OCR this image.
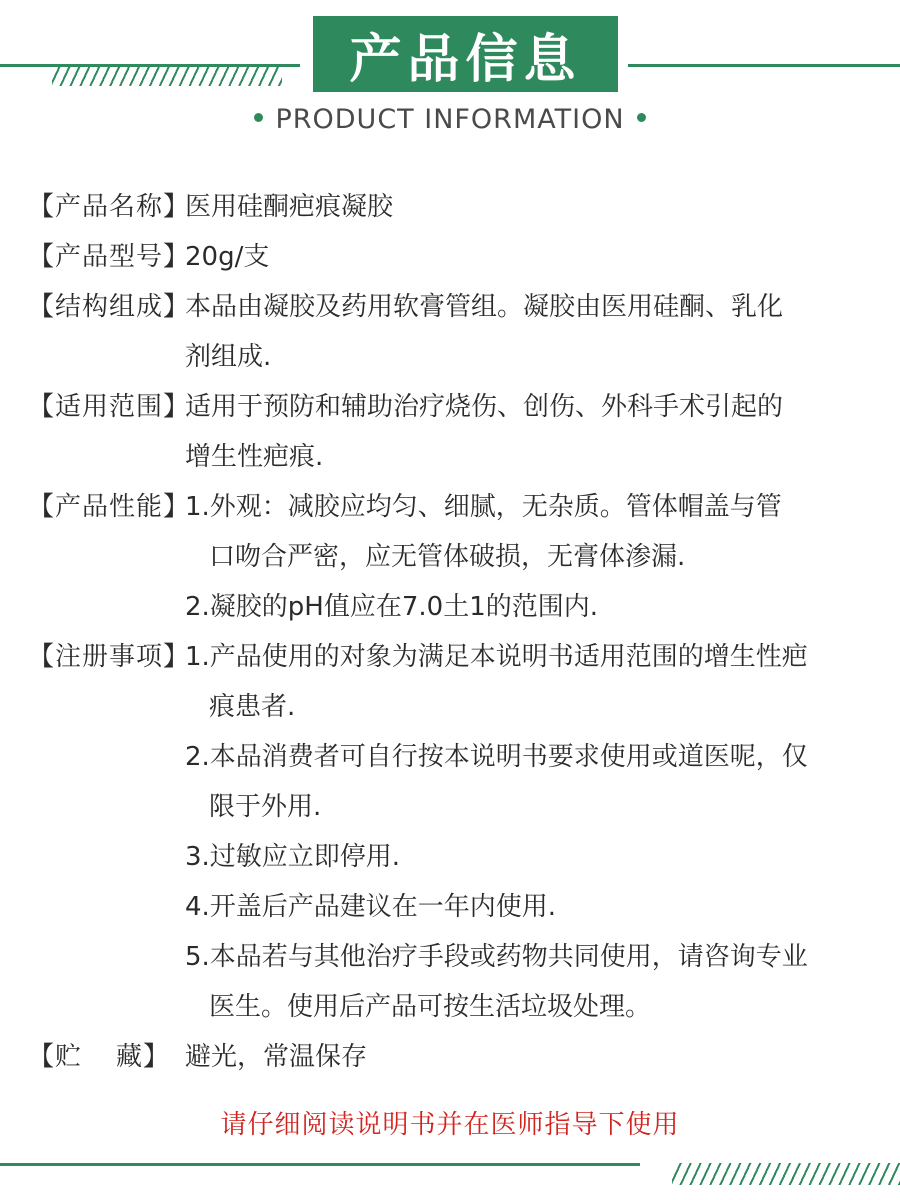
产品信息
PRODUCT INFORMATION
【产品名称】
医用硅酮疤痕凝胶
【产品型号】
20g/支
【结构组成】
本品由凝胶及药用软膏管组。凝胶由医用硅酮、乳化
剂组成.
【适用范围】
适用于预防和辅助治疗烧伤、创伤、外科手术引起的
增生性疤痕.
【产品性能】
1.外观：减胶应均匀、细腻，无杂质。管体帽盖与管
口吻合严密，应无管体破损，无膏体渗漏.
2.凝胶的pH值应在7.0土1的范围内.
【注册事项】
1.产品使用的对象为满足本说明书适用范围的增生性疤
痕患者.
2.本品消费者可自行按本说明书要求使用或道医呢，仅
限于外用.
3.过敏应立即停用.
4.开盖后产品建议在一年内使用.
5.本品若与其他治疗手段或药物共同使用，请咨询专业
医生。使用后产品可按生活垃圾处理。
【贮 藏】 避光，常温保存
请仔细阅读说明书并在医师指导下使用
